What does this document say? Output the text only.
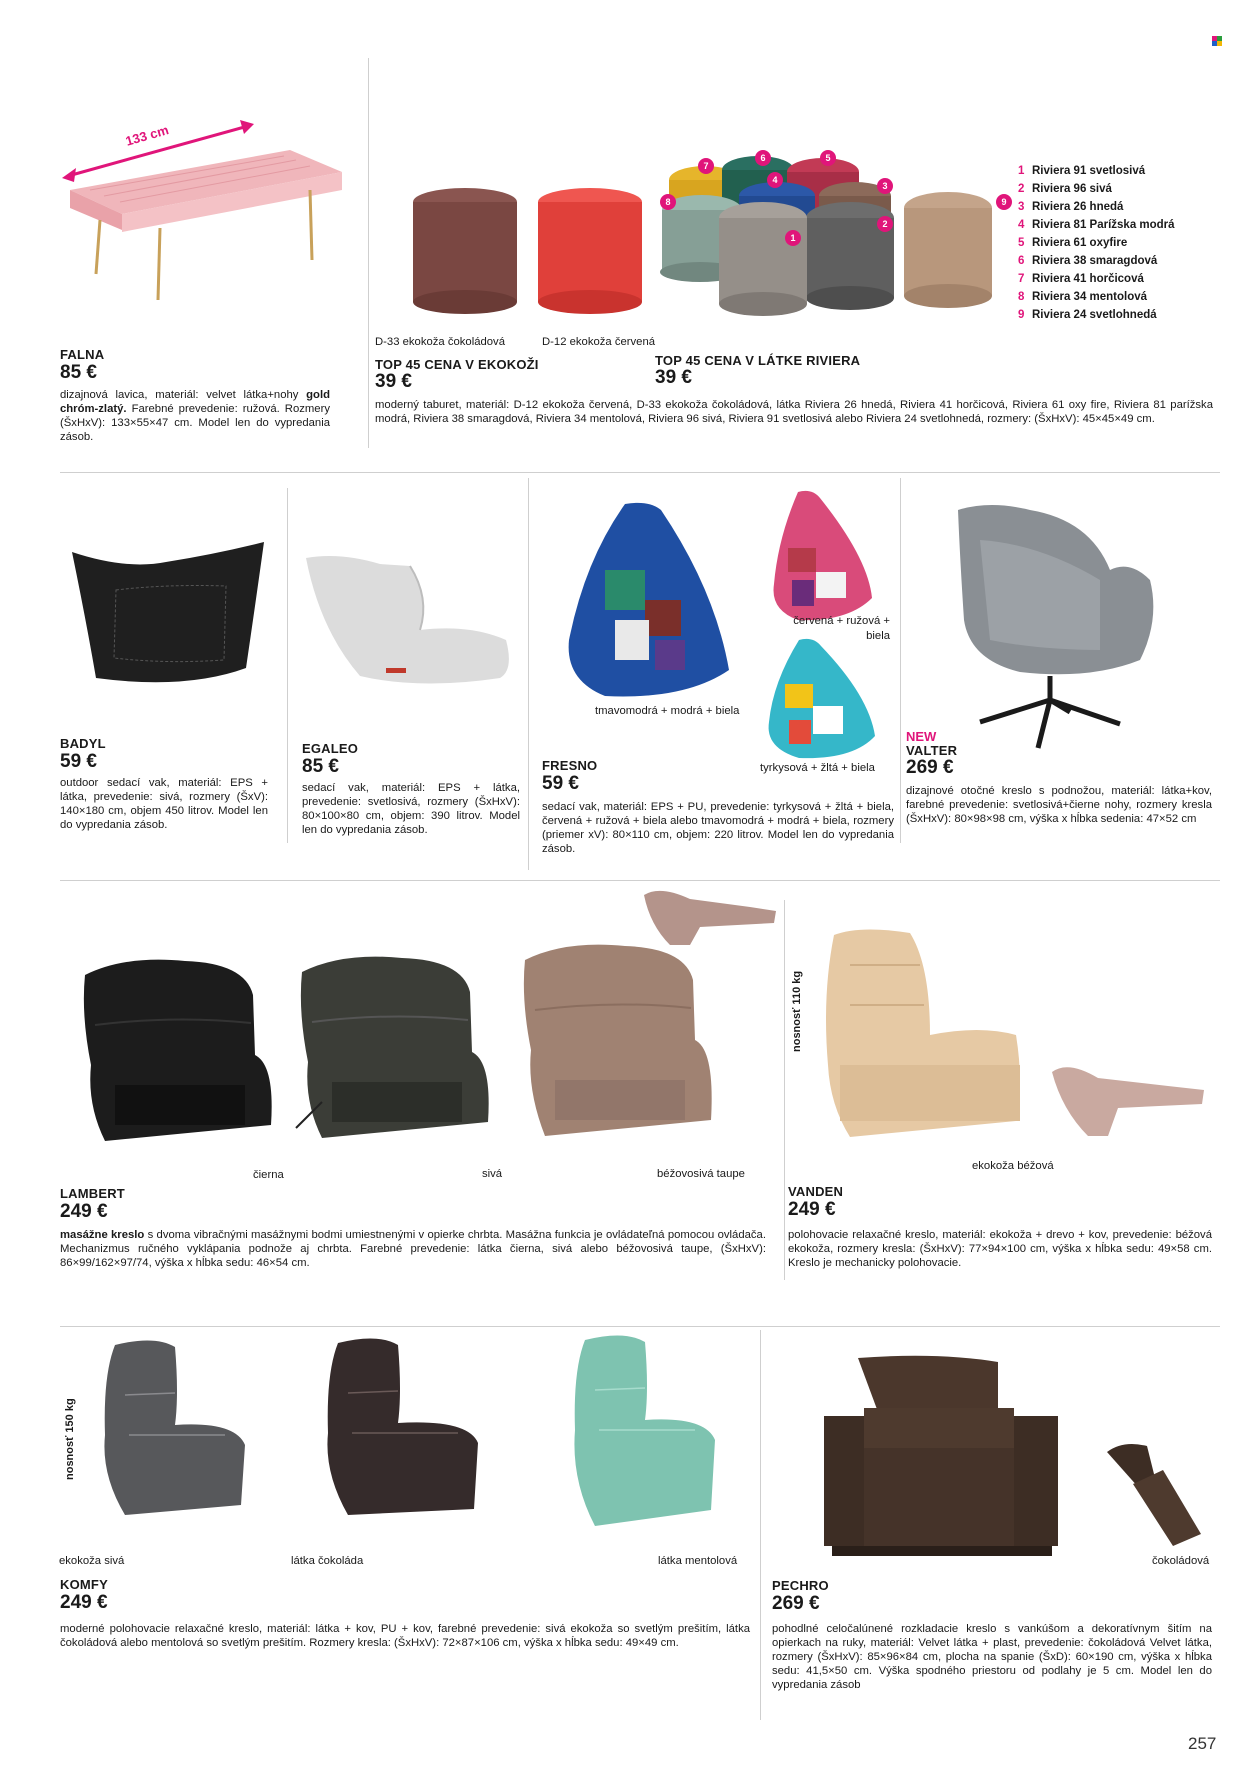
133 cm
FALNA
85 €
dizajnová lavica, materiál: velvet látka+nohy gold chróm-zlatý. Farebné prevedenie: ružová. Rozmery (ŠxHxV): 133×55×47 cm. Model len do vypredania zásob.
7
6	5
4
3
8
2
1
9
1 Riviera 91 svetlosivá
2 Riviera 96 sivá
3 Riviera 26 hnedá
4 Riviera 81 Parížska modrá
5 Riviera 61 oxyfire
6 Riviera 38 smaragdová
7 Riviera 41 horčicová
8 Riviera 34 mentolová
9 Riviera 24 svetlohnedá
D-33 ekokoža čokoládová	D-12 ekokoža červená
TOP 45 CENA V EKOKOŽI
39 €
TOP 45 CENA V LÁTKE RIVIERA
39 €
moderný taburet, materiál: D-12 ekokoža červená, D-33 ekokoža čokoládová, látka Riviera 26 hnedá, Riviera 41 horčicová, Riviera 61 oxy fire, Riviera 81 parížska modrá, Riviera 38 smaragdová, Riviera 34 mentolová, Riviera 96 sivá, Riviera 91 svetlosivá alebo Riviera 24 svetlohnedá, rozmery: (ŠxHxV): 45×45×49 cm.
BADYL
59 €
outdoor sedací vak, materiál: EPS + látka, prevedenie: sivá, rozmery (ŠxV): 140×180 cm, objem 450 litrov. Model len do vypredania zásob.
EGALEO
85 €
sedací vak, materiál: EPS + látka, prevedenie: svetlosivá, rozmery (ŠxHxV): 80×100×80 cm, objem: 390 litrov. Model len do vypredania zásob.
červená + ružová + biela
tmavomodrá + modrá + biela
tyrkysová + žltá + biela
FRESNO
59 €
sedací vak, materiál: EPS + PU, prevedenie: tyrkysová + žltá + biela, červená + ružová + biela alebo tmavomodrá + modrá + biela, rozmery (priemer xV): 80×110 cm, objem: 220 litrov. Model len do vypredania zásob.
NEW
VALTER
269 €
dizajnové otočné kreslo s podnožou, materiál: látka+kov, farebné prevedenie: svetlosivá+čierne nohy, rozmery kresla (ŠxHxV): 80×98×98 cm, výška x hĺbka sedenia: 47×52 cm
čierna	sivá	béžovosivá taupe
LAMBERT
249 €
masážne kreslo s dvoma vibračnými masážnymi bodmi umiestnenými v opierke chrbta. Masážna funkcia je ovládateľná pomocou ovládača. Mechanizmus ručného vyklápania podnože aj chrbta. Farebné prevedenie: látka čierna, sivá alebo béžovosivá taupe, (ŠxHxV): 86×99/162×97/74, výška x hĺbka sedu: 46×54 cm.
nosnosť 110 kg
ekokoža béžová
VANDEN
249 €
polohovacie relaxačné kreslo, materiál: ekokoža + drevo + kov, prevedenie: béžová ekokoža, rozmery kresla: (ŠxHxV): 77×94×100 cm, výška x hĺbka sedu: 49×58 cm. Kreslo je mechanicky polohovacie.
nosnosť 150 kg
ekokoža sivá	látka čokoláda	látka mentolová
KOMFY
249 €
moderné polohovacie relaxačné kreslo, materiál: látka + kov, PU + kov, farebné prevedenie: sivá ekokoža so svetlým prešitím, látka čokoládová alebo mentolová so svetlým prešitím. Rozmery kresla: (ŠxHxV): 72×87×106 cm, výška x hĺbka sedu: 49×49 cm.
čokoládová
PECHRO
269 €
pohodlné celočalúnené rozkladacie kreslo s vankúšom a dekoratívnym šitím na opierkach na ruky, materiál: Velvet látka + plast, prevedenie: čokoládová Velvet látka, rozmery (ŠxHxV): 85×96×84 cm, plocha na spanie (ŠxD): 60×190 cm, výška x hĺbka sedu: 41,5×50 cm. Výška spodného priestoru od podlahy je 5 cm. Model len do vypredania zásob
257
